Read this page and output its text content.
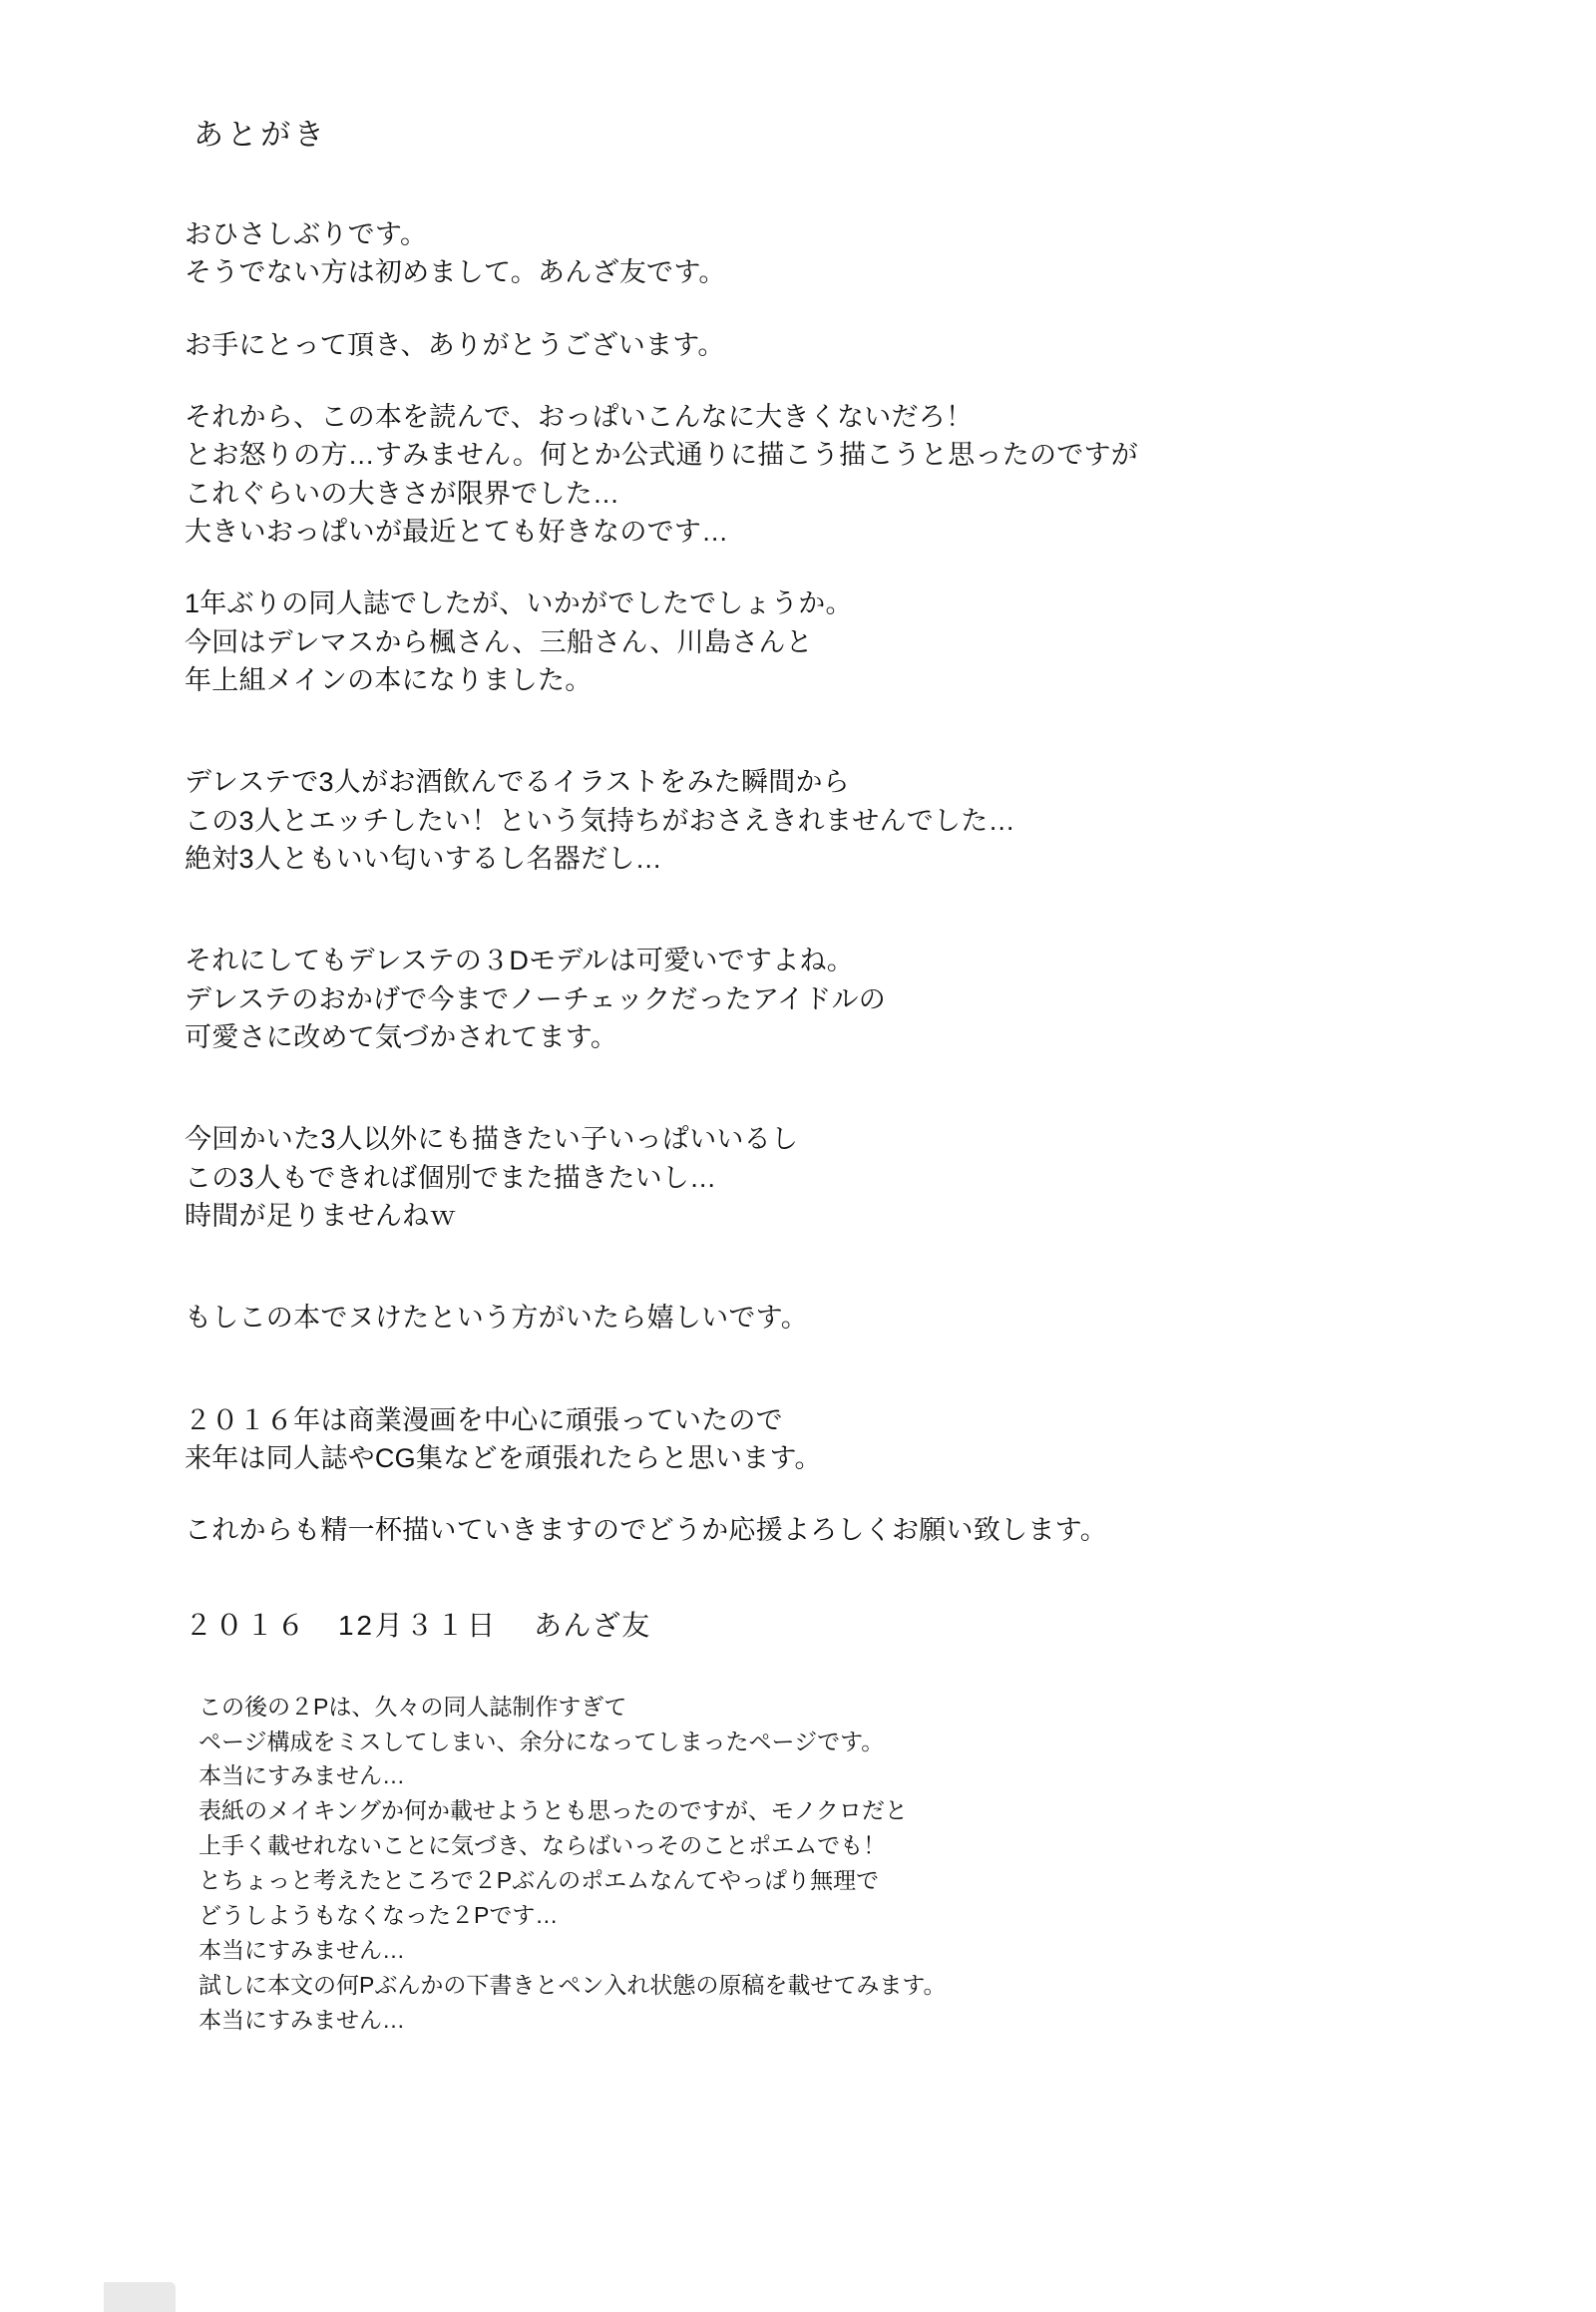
あとがき
おひさしぶりです。
そうでない方は初めまして。あんざ友です。
お手にとって頂き、ありがとうございます。
それから、この本を読んで、おっぱいこんなに大きくないだろ！
とお怒りの方…すみません。何とか公式通りに描こう描こうと思ったのですが
これぐらいの大きさが限界でした…
大きいおっぱいが最近とても好きなのです…
1年ぶりの同人誌でしたが、いかがでしたでしょうか。
今回はデレマスから楓さん、三船さん、川島さんと
年上組メインの本になりました。
デレステで3人がお酒飲んでるイラストをみた瞬間から
この3人とエッチしたい！という気持ちがおさえきれませんでした…
絶対3人ともいい匂いするし名器だし…
それにしてもデレステの３Dモデルは可愛いですよね。
デレステのおかげで今までノーチェックだったアイドルの
可愛さに改めて気づかされてます。
今回かいた3人以外にも描きたい子いっぱいいるし
この3人もできれば個別でまた描きたいし…
時間が足りませんねｗ
もしこの本でヌけたという方がいたら嬉しいです。
２０１６年は商業漫画を中心に頑張っていたので
来年は同人誌やCG集などを頑張れたらと思います。
これからも精一杯描いていきますのでどうか応援よろしくお願い致します。
２０１６　12月３１日	あんざ友
この後の２Pは、久々の同人誌制作すぎて
ページ構成をミスしてしまい、余分になってしまったページです。
本当にすみません…
表紙のメイキングか何か載せようとも思ったのですが、モノクロだと
上手く載せれないことに気づき、ならばいっそのことポエムでも！
とちょっと考えたところで２Pぶんのポエムなんてやっぱり無理で
どうしようもなくなった２Pです…
本当にすみません…
試しに本文の何Pぶんかの下書きとペン入れ状態の原稿を載せてみます。
本当にすみません…
